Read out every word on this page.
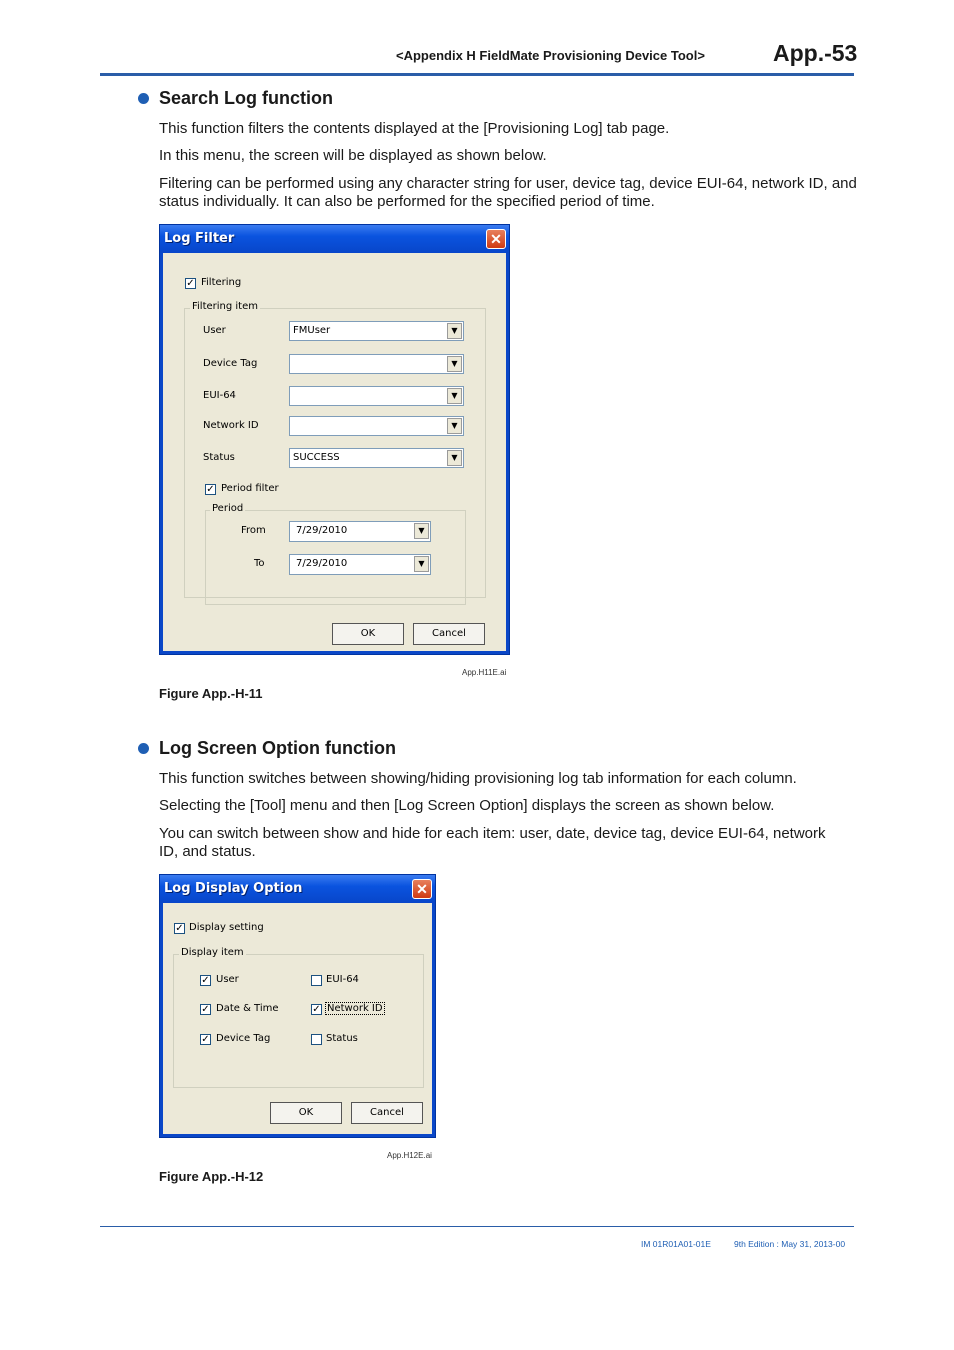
<Appendix H FieldMate Provisioning Device Tool>	App.-53
Search Log function
This function filters the contents displayed at the [Provisioning Log] tab page.
In this menu, the screen will be displayed as shown below.
Filtering can be performed using any character string for user, device tag, device EUI-64, network ID, and status individually. It can also be performed for the specified period of time.
Log Filter	✕
✓ Filtering
Filtering item
User	FMUser	▼
Device Tag	▼
EUI-64	▼
Network ID	▼
Status	SUCCESS	▼
✓ Period filter
Period
From	7/29/2010	▼
To	7/29/2010	▼
OK	Cancel
App.H11E.ai
Figure App.-H-11
Log Screen Option function
This function switches between showing/hiding provisioning log tab information for each column.
Selecting the [Tool] menu and then [Log Screen Option] displays the screen as shown below.
You can switch between show and hide for each item: user, date, device tag, device EUI-64, network ID, and status.
Log Display Option	✕
✓ Display setting
Display item
✓ User	EUI-64
✓ Date & Time	✓ Network ID
✓ Device Tag	Status
OK	Cancel
App.H12E.ai
Figure App.-H-12
IM 01R01A01-01E	9th Edition : May 31, 2013-00
